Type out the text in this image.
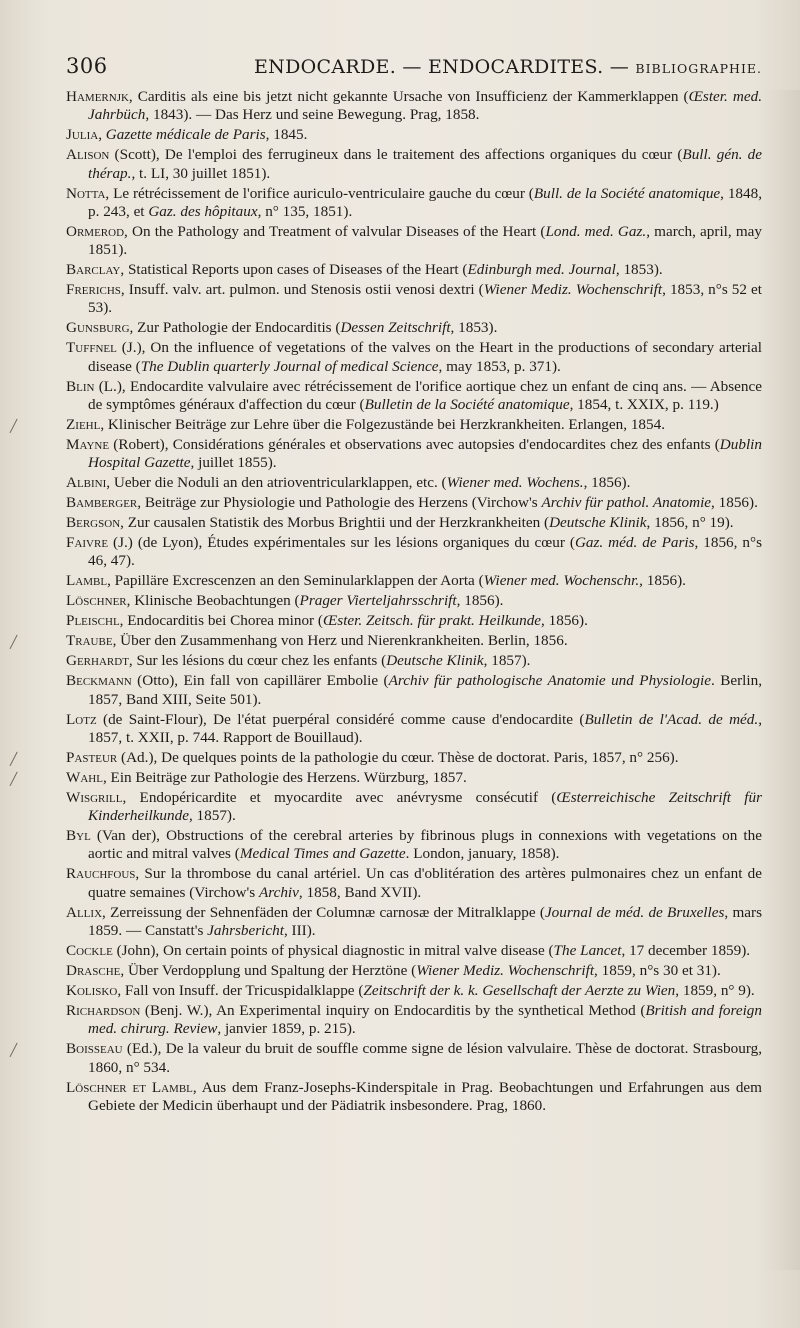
306	ENDOCARDE. — ENDOCARDITES. — BIBLIOGRAPHIE.

Hamernjk, Carditis als eine bis jetzt nicht gekannte Ursache von Insufficienz der Kammerklappen (Œster. med. Jahrbüch, 1843). — Das Herz und seine Bewegung. Prag, 1858.

Julia, Gazette médicale de Paris, 1845.

Alison (Scott), De l'emploi des ferrugineux dans le traitement des affections organiques du cœur (Bull. gén. de thérap., t. LI, 30 juillet 1851).

Notta, Le rétrécissement de l'orifice auriculo-ventriculaire gauche du cœur (Bull. de la Société anatomique, 1848, p. 243, et Gaz. des hôpitaux, n° 135, 1851).

Ormerod, On the Pathology and Treatment of valvular Diseases of the Heart (Lond. med. Gaz., march, april, may 1851).

Barclay, Statistical Reports upon cases of Diseases of the Heart (Edinburgh med. Journal, 1853).

Frerichs, Insuff. valv. art. pulmon. und Stenosis ostii venosi dextri (Wiener Mediz. Wochenschrift, 1853, n°s 52 et 53).

Gunsburg, Zur Pathologie der Endocarditis (Dessen Zeitschrift, 1853).

Tuffnel (J.), On the influence of vegetations of the valves on the Heart in the productions of secondary arterial disease (The Dublin quarterly Journal of medical Science, may 1853, p. 371).

Blin (L.), Endocardite valvulaire avec rétrécissement de l'orifice aortique chez un enfant de cinq ans. — Absence de symptômes généraux d'affection du cœur (Bulletin de la Société anatomique, 1854, t. XXIX, p. 119.)

╱	Ziehl, Klinischer Beiträge zur Lehre über die Folgezustände bei Herzkrankheiten. Erlangen, 1854.

Mayne (Robert), Considérations générales et observations avec autopsies d'endocardites chez des enfants (Dublin Hospital Gazette, juillet 1855).

Albini, Ueber die Noduli an den atrioventricularklappen, etc. (Wiener med. Wochens., 1856).

Bamberger, Beiträge zur Physiologie und Pathologie des Herzens (Virchow's Archiv für pathol. Anatomie, 1856).

Bergson, Zur causalen Statistik des Morbus Brightii und der Herzkrankheiten (Deutsche Klinik, 1856, n° 19).

Faivre (J.) (de Lyon), Études expérimentales sur les lésions organiques du cœur (Gaz. méd. de Paris, 1856, n°s 46, 47).

Lambl, Papilläre Excrescenzen an den Seminularklappen der Aorta (Wiener med. Wochenschr., 1856).

Löschner, Klinische Beobachtungen (Prager Vierteljahrsschrift, 1856).

Pleischl, Endocarditis bei Chorea minor (Œster. Zeitsch. für prakt. Heilkunde, 1856).

╱	Traube, Über den Zusammenhang von Herz und Nierenkrankheiten. Berlin, 1856.

Gerhardt, Sur les lésions du cœur chez les enfants (Deutsche Klinik, 1857).

Beckmann (Otto), Ein fall von capillärer Embolie (Archiv für pathologische Anatomie und Physiologie. Berlin, 1857, Band XIII, Seite 501).

Lotz (de Saint-Flour), De l'état puerpéral considéré comme cause d'endocardite (Bulletin de l'Acad. de méd., 1857, t. XXII, p. 744. Rapport de Bouillaud).

╱	Pasteur (Ad.), De quelques points de la pathologie du cœur. Thèse de doctorat. Paris, 1857, n° 256).

╱	Wahl, Ein Beiträge zur Pathologie des Herzens. Würzburg, 1857.

Wisgrill, Endopéricardite et myocardite avec anévrysme consécutif (Œsterreichische Zeitschrift für Kinderheilkunde, 1857).

Byl (Van der), Obstructions of the cerebral arteries by fibrinous plugs in connexions with vegetations on the aortic and mitral valves (Medical Times and Gazette. London, january, 1858).

Rauchfous, Sur la thrombose du canal artériel. Un cas d'oblitération des artères pulmonaires chez un enfant de quatre semaines (Virchow's Archiv, 1858, Band XVII).

Allix, Zerreissung der Sehnenfäden der Columnæ carnosæ der Mitralklappe (Journal de méd. de Bruxelles, mars 1859. — Canstatt's Jahrsbericht, III).

Cockle (John), On certain points of physical diagnostic in mitral valve disease (The Lancet, 17 december 1859).

Drasche, Über Verdopplung und Spaltung der Herztöne (Wiener Mediz. Wochenschrift, 1859, n°s 30 et 31).

Kolisko, Fall von Insuff. der Tricuspidalklappe (Zeitschrift der k. k. Gesellschaft der Aerzte zu Wien, 1859, n° 9).

Richardson (Benj. W.), An Experimental inquiry on Endocarditis by the synthetical Method (British and foreign med. chirurg. Review, janvier 1859, p. 215).

╱	Boisseau (Ed.), De la valeur du bruit de souffle comme signe de lésion valvulaire. Thèse de doctorat. Strasbourg, 1860, n° 534.

Löschner et Lambl, Aus dem Franz-Josephs-Kinderspitale in Prag. Beobachtungen und Erfahrungen aus dem Gebiete der Medicin überhaupt und der Pädiatrik insbesondere. Prag, 1860.
